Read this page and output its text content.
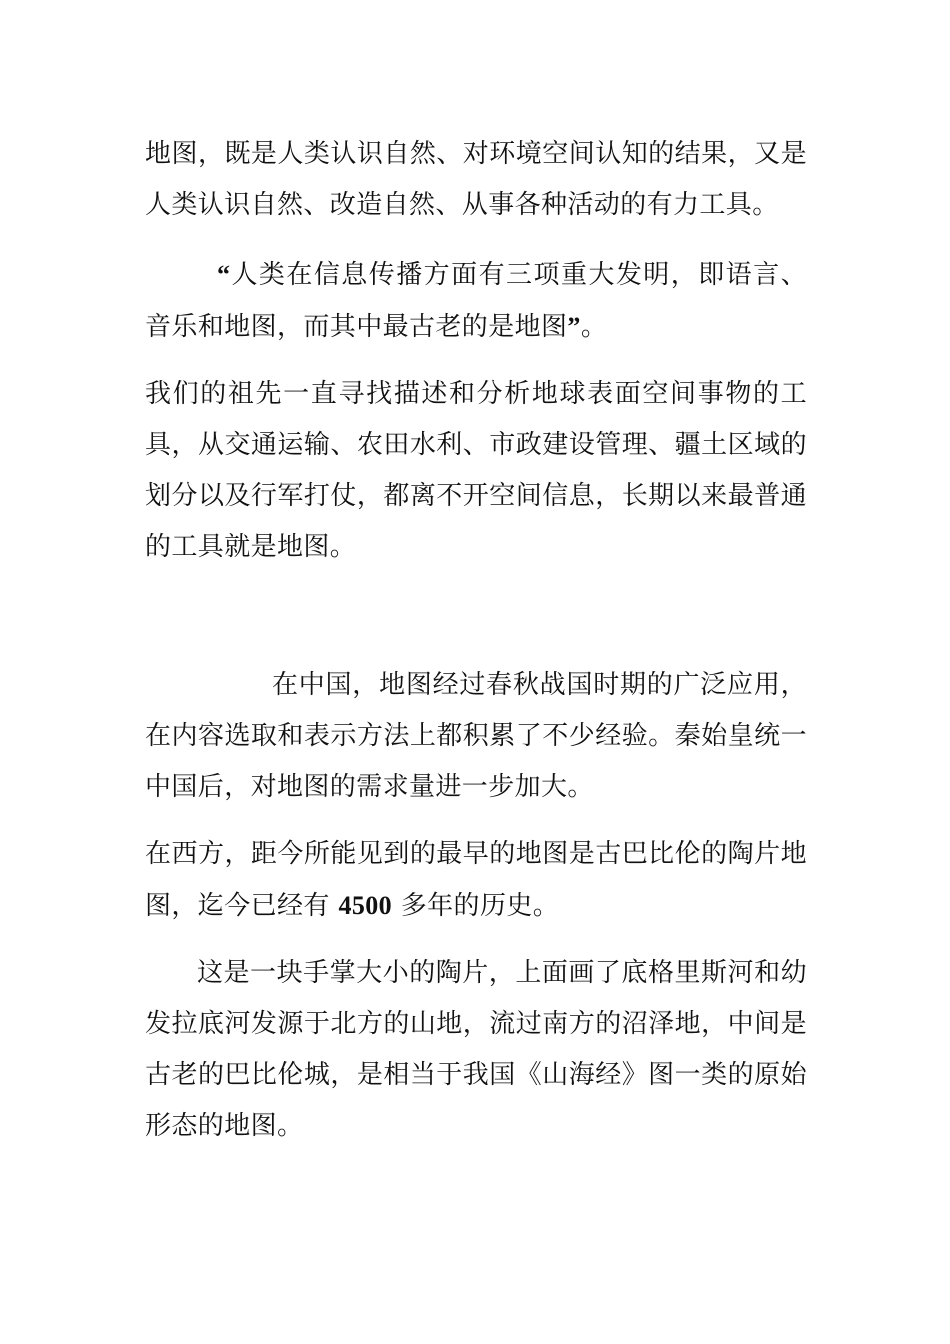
地图，既是人类认识自然、对环境空间认知的结果，又是人类认识自然、改造自然、从事各种活动的有力工具。

“人类在信息传播方面有三项重大发明，即语言、音乐和地图，而其中最古老的是地图”。

我们的祖先一直寻找描述和分析地球表面空间事物的工具，从交通运输、农田水利、市政建设管理、疆土区域的划分以及行军打仗，都离不开空间信息，长期以来最普通的工具就是地图。

在中国，地图经过春秋战国时期的广泛应用，在内容选取和表示方法上都积累了不少经验。秦始皇统一中国后，对地图的需求量进一步加大。

在西方，距今所能见到的最早的地图是古巴比伦的陶片地图，迄今已经有 4500 多年的历史。

这是一块手掌大小的陶片，上面画了底格里斯河和幼发拉底河发源于北方的山地，流过南方的沼泽地，中间是古老的巴比伦城，是相当于我国《山海经》图一类的原始形态的地图。
